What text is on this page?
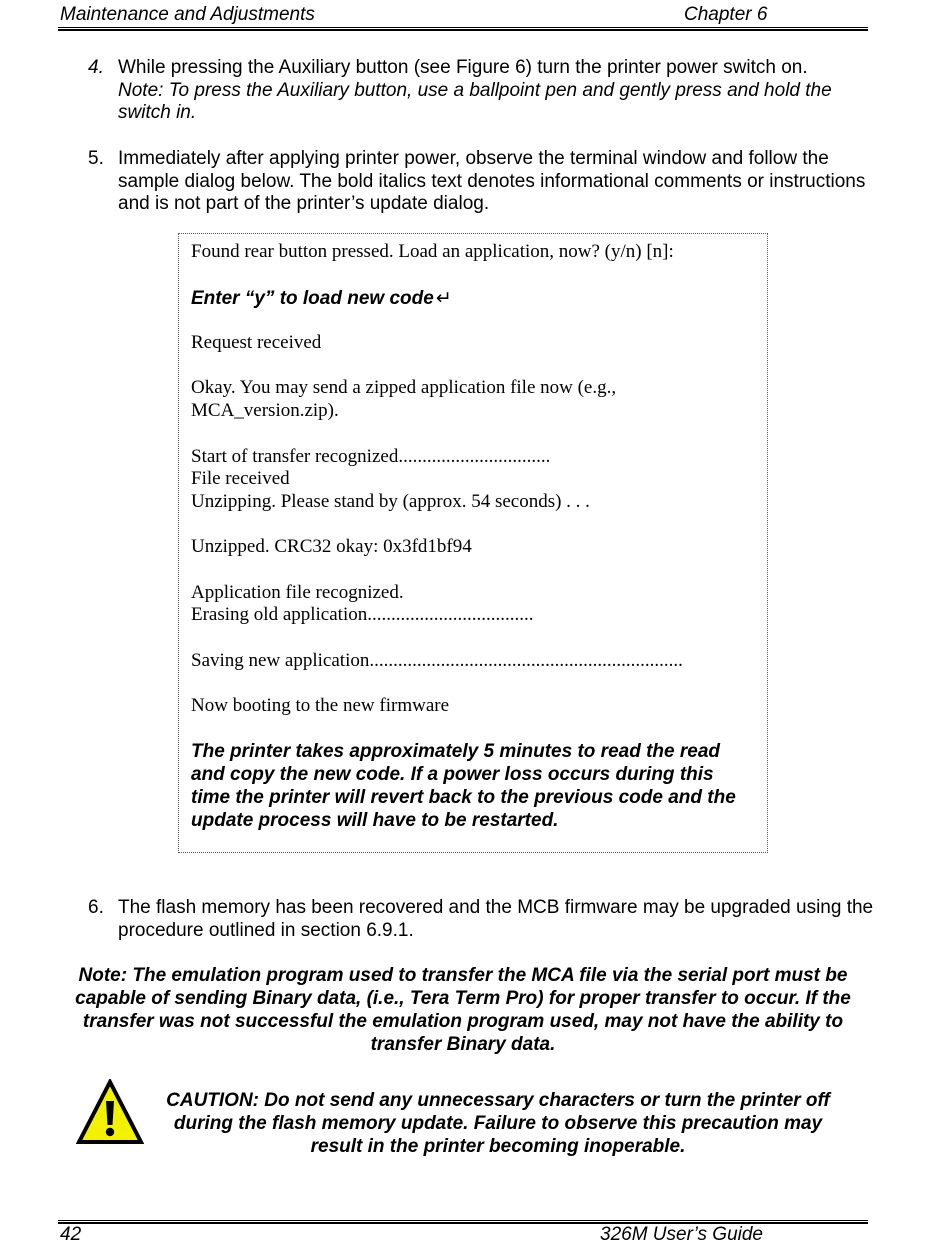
Maintenance and Adjustments	Chapter 6
4. While pressing the Auxiliary button (see Figure 6) turn the printer power switch on.
Note: To press the Auxiliary button, use a ballpoint pen and gently press and hold the switch in.
5. Immediately after applying printer power, observe the terminal window and follow the sample dialog below. The bold italics text denotes informational comments or instructions and is not part of the printer’s update dialog.
Found rear button pressed. Load an application, now? (y/n) [n]:
Enter “y” to load new code ↵
Request received
Okay. You may send a zipped application file now (e.g.,
MCA_version.zip).
Start of transfer recognized................................
File received
Unzipping. Please stand by (approx. 54 seconds) . . .
Unzipped. CRC32 okay: 0x3fd1bf94
Application file recognized.
Erasing old application...................................
Saving new application..................................................................
Now booting to the new firmware
The printer takes approximately 5 minutes to read the read
and copy the new code. If a power loss occurs during this
time the printer will revert back to the previous code and the
update process will have to be restarted.
6. The flash memory has been recovered and the MCB firmware may be upgraded using the procedure outlined in section 6.9.1.
Note: The emulation program used to transfer the MCA file via the serial port must be capable of sending Binary data, (i.e., Tera Term Pro) for proper transfer to occur. If the transfer was not successful the emulation program used, may not have the ability to transfer Binary data.
CAUTION: Do not send any unnecessary characters or turn the printer off during the flash memory update. Failure to observe this precaution may result in the printer becoming inoperable.
42	326M User’s Guide
